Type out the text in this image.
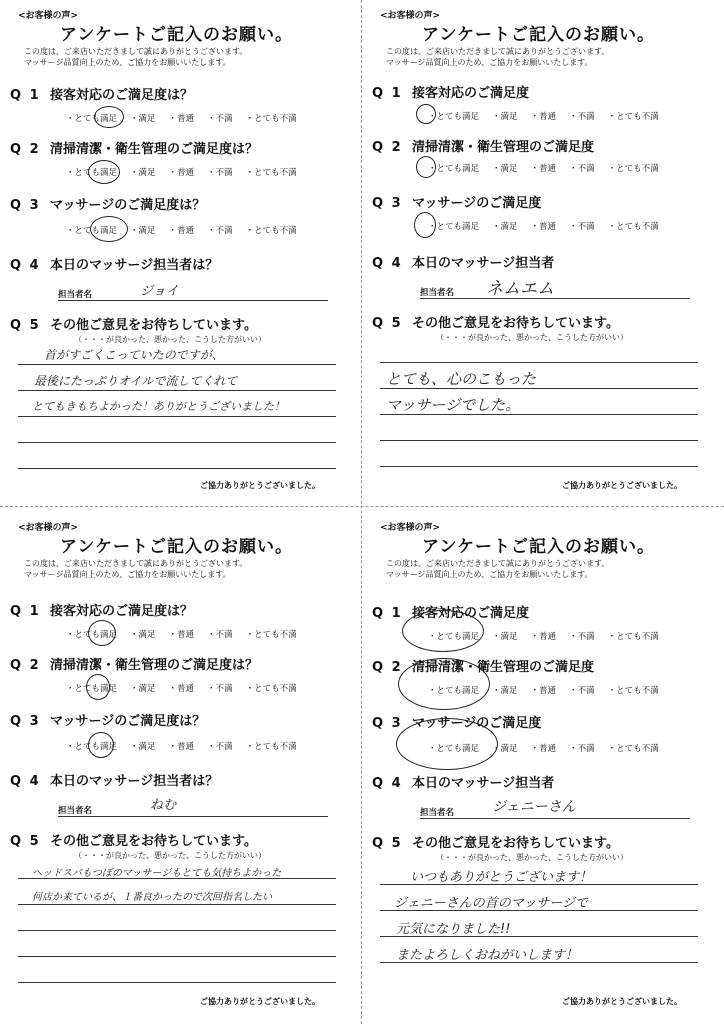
<お客様の声>
アンケートご記入のお願い。
この度は、ご来店いただきまして誠にありがとうございます。
マッサージ品質向上のため、ご協力をお願いいたします。
Q 1 接客対応のご満足度は？
・とても満足 ・満足 ・普通 ・不満 ・とても不満
Q 2 清掃清潔・衛生管理のご満足度は？
・とても満足 ・満足 ・普通 ・不満 ・とても不満
Q 3 マッサージのご満足度は？
・とても満足 ・満足 ・普通 ・不満 ・とても不満
Q 4 本日のマッサージ担当者は？
担当者名	ジョイ
Q 5 その他ご意見をお待ちしています。
（・・・が良かった、悪かった、こうした方がいい）
首がすごくこっていたのですが、
最後にたっぷりオイルで流してくれて
とてもきもちよかった！ありがとうございました！
ご協力ありがとうございました。
<お客様の声>
アンケートご記入のお願い。
この度は、ご来店いただきまして誠にありがとうございます。
マッサージ品質向上のため、ご協力をお願いいたします。
Q 1 接客対応のご満足度
・とても満足 ・満足 ・普通 ・不満 ・とても不満
Q 2 清掃清潔・衛生管理のご満足度
・とても満足 ・満足 ・普通 ・不満 ・とても不満
Q 3 マッサージのご満足度
・とても満足 ・満足 ・普通 ・不満 ・とても不満
Q 4 本日のマッサージ担当者
担当者名 ネムエム
Q 5 その他ご意見をお待ちしています。
（・・・が良かった、悪かった、こうした方がいい）
とても、心のこもった
マッサージでした。
ご協力ありがとうございました。
<お客様の声>
アンケートご記入のお願い。
この度は、ご来店いただきまして誠にありがとうございます。
マッサージ品質向上のため、ご協力をお願いいたします。
Q 1 接客対応のご満足度は？
・とても満足 ・満足 ・普通 ・不満 ・とても不満
Q 2 清掃清潔・衛生管理のご満足度は？
・とても満足 ・満足 ・普通 ・不満 ・とても不満
Q 3 マッサージのご満足度は？
・とても満足 ・満足 ・普通 ・不満 ・とても不満
Q 4 本日のマッサージ担当者は？
担当者名	ねむ
Q 5 その他ご意見をお待ちしています。
（・・・が良かった、悪かった、こうした方がいい）
ヘッドスパもつぼのマッサージもとても気持ちよかった
何店か来ているが、１番良かったので次回指名したい
ご協力ありがとうございました。
<お客様の声>
アンケートご記入のお願い。
この度は、ご来店いただきまして誠にありがとうございます。
マッサージ品質向上のため、ご協力をお願いいたします。
Q 1 接客対応のご満足度
・とても満足 ・満足 ・普通 ・不満 ・とても不満
Q 2 清掃清潔・衛生管理のご満足度
・とても満足 ・満足 ・普通 ・不満 ・とても不満
Q 3 マッサージのご満足度
・とても満足 ・満足 ・普通 ・不満 ・とても不満
Q 4 本日のマッサージ担当者
担当者名	ジェニーさん
Q 5 その他ご意見をお待ちしています。
（・・・が良かった、悪かった、こうした方がいい）
いつもありがとうございます！
ジェニーさんの首のマッサージで
元気になりました!!
またよろしくおねがいします！
ご協力ありがとうございました。
